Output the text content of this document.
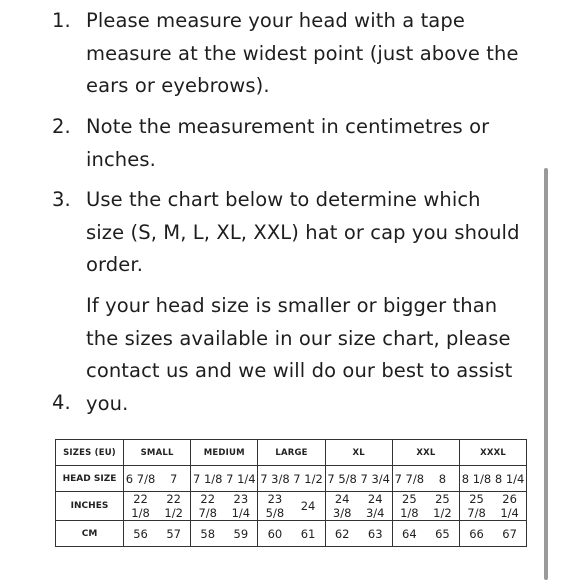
1. Please measure your head with a tape
measure at the widest point (just above the
ears or eyebrows).
2. Note the measurement in centimetres or
inches.
3. Use the chart below to determine which
size (S, M, L, XL, XXL) hat or cap you should
order.
4.
If your head size is smaller or bigger than
the sizes available in our size chart, please
contact us and we will do our best to assist
you.
SIZES (EU)	SMALL		MEDIUM		LARGE		XL		XXL		XXXL	
HEAD SIZE	6 7/8	7	7 1/8	7 1/4	7 3/8	7 1/2	7 5/8	7 3/4	7 7/8	8	8 1/8	8 1/4
INCHES	22 1/8	22 1/2	22 7/8	23 1/4	23 5/8	24	24 3/8	24 3/4	25 1/8	25 1/2	25 7/8	26 1/4
CM	56	57	58	59	60	61	62	63	64	65	66	67
